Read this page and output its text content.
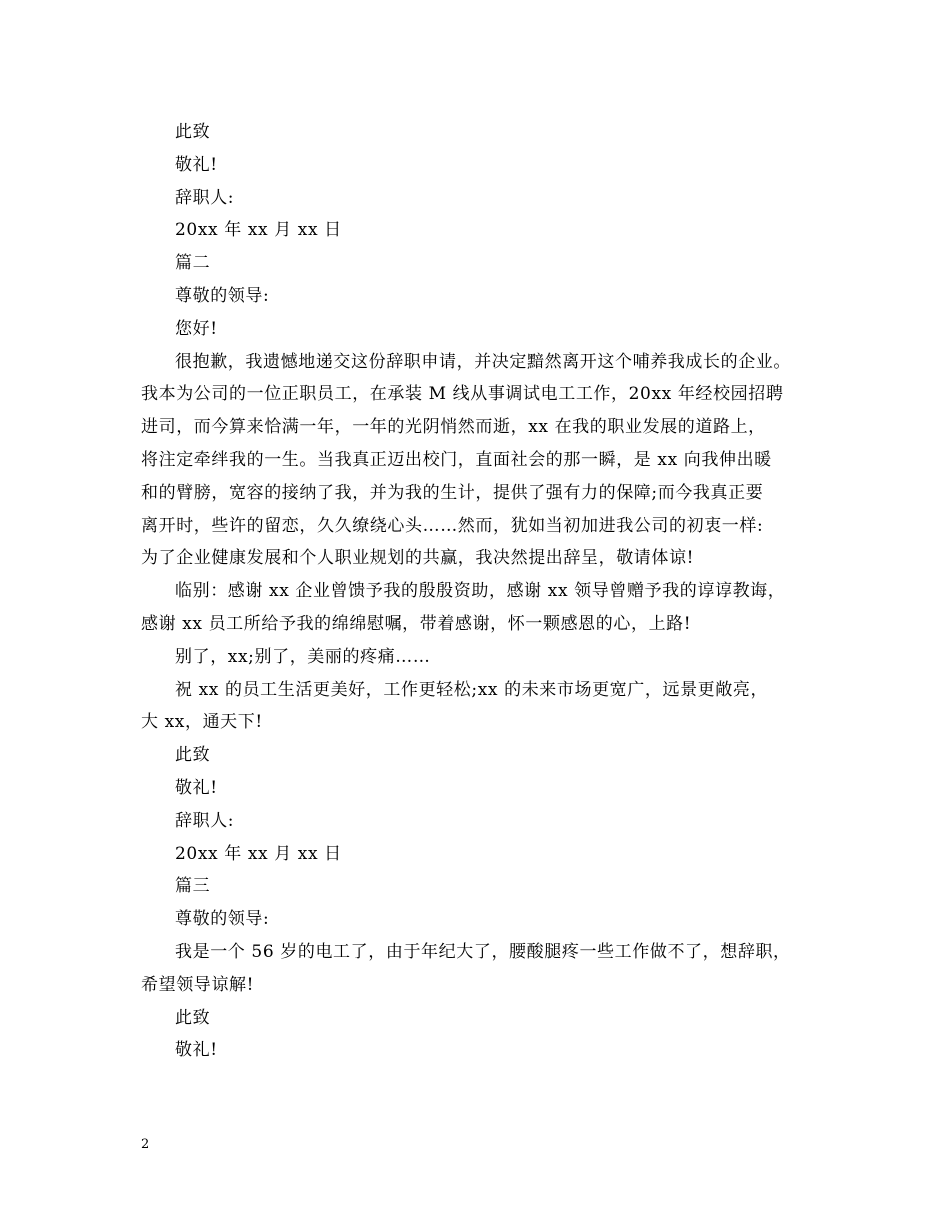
此致
敬礼!
辞职人:
20xx 年 xx 月 xx 日
篇二
尊敬的领导:
您好!
很抱歉，我遗憾地递交这份辞职申请，并决定黯然离开这个哺养我成长的企业。
我本为公司的一位正职员工，在承装 M 线从事调试电工工作，20xx 年经校园招聘
进司，而今算来恰满一年，一年的光阴悄然而逝，xx 在我的职业发展的道路上，
将注定牵绊我的一生。当我真正迈出校门，直面社会的那一瞬，是 xx 向我伸出暖
和的臂膀，宽容的接纳了我，并为我的生计，提供了强有力的保障;而今我真正要
离开时，些许的留恋，久久缭绕心头……然而，犹如当初加进我公司的初衷一样:
为了企业健康发展和个人职业规划的共赢，我决然提出辞呈，敬请体谅!
临别：感谢 xx 企业曾馈予我的殷殷资助，感谢 xx 领导曾赠予我的谆谆教诲，
感谢 xx 员工所给予我的绵绵慰嘱，带着感谢，怀一颗感恩的心，上路!
别了，xx;别了，美丽的疼痛……
祝 xx 的员工生活更美好，工作更轻松;xx 的未来市场更宽广，远景更敞亮，
大 xx，通天下!
此致
敬礼!
辞职人:
20xx 年 xx 月 xx 日
篇三
尊敬的领导:
我是一个 56 岁的电工了，由于年纪大了，腰酸腿疼一些工作做不了，想辞职，
希望领导谅解!
此致
敬礼!
2
